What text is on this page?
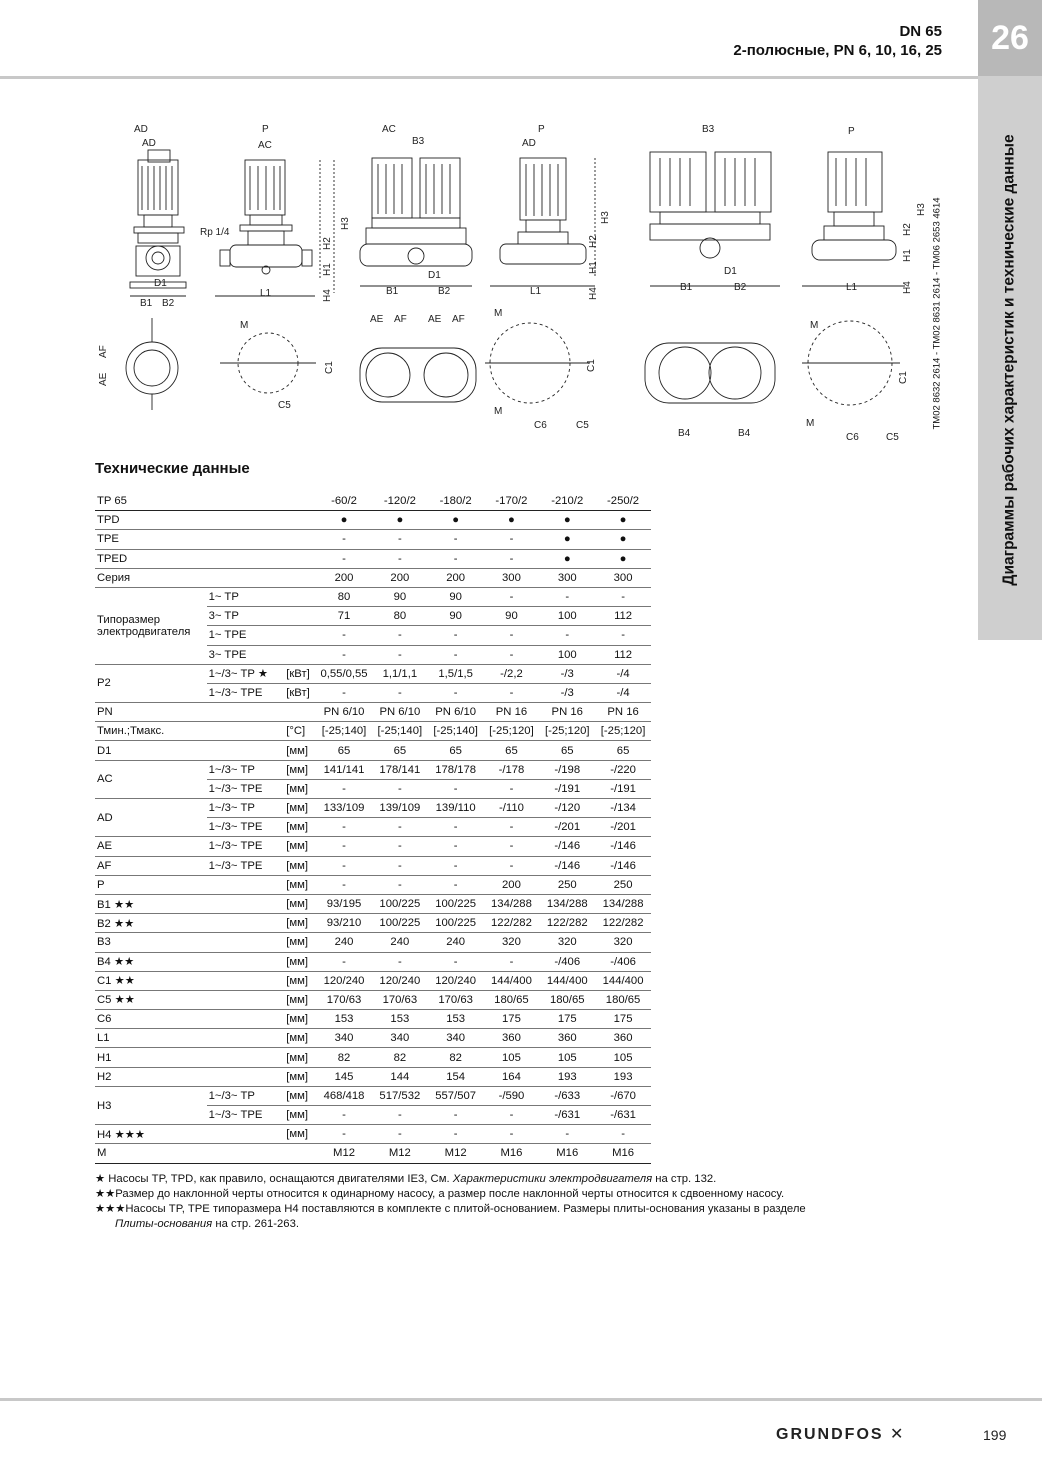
DN 65
2-полюсные, PN 6, 10, 16, 25	26
Диаграммы рабочих характеристик и технические данные
AD
AD
D1
B1 B2
P
AC
Rp 1/4
L1
AC
B3
D1
B1	B2
P
AD
L1
B3
D1
B1	B2
P
L1
M
C5
AE AF AE AF
M
M
C6	C5
B4	B4
M
M
C6	C5
H3
H2
H1
H4
H3
H2
H1
H4
H3
H2
H1
H4
AE
AF
C1	C1
C1 TM02 8632 2614 - TM02 8631 2614 - TM06 2653 4614
Технические данные
TP 65			-60/2	-120/2	-180/2	-170/2	-210/2	-250/2
TPD			●	●	●	●	●	●
TPE			-	-	-	-	●	●
TPED			-	-	-	-	●	●
Серия			200	200	200	300	300	300
Типоразмер электродвигателя	1~ TP		80	90	90	-	-	-
	3~ TP		71	80	90	90	100	112
	1~ TPE		-	-	-	-	-	-
	3~ TPE		-	-	-	-	100	112
P2	1~/3~ TP ★	[кВт]	0,55/0,55	1,1/1,1	1,5/1,5	-/2,2	-/3	-/4
	1~/3~ TPE	[кВт]	-	-	-	-	-/3	-/4
PN			PN 6/10	PN 6/10	PN 6/10	PN 16	PN 16	PN 16
Тмин.;Тмакс.		[°C]	[-25;140]	[-25;140]	[-25;140]	[-25;120]	[-25;120]	[-25;120]
D1		[мм]	65	65	65	65	65	65
AC	1~/3~ TP	[мм]	141/141	178/141	178/178	-/178	-/198	-/220
	1~/3~ TPE	[мм]	-	-	-	-	-/191	-/191
AD	1~/3~ TP	[мм]	133/109	139/109	139/110	-/110	-/120	-/134
	1~/3~ TPE	[мм]	-	-	-	-	-/201	-/201
AE	1~/3~ TPE	[мм]	-	-	-	-	-/146	-/146
AF	1~/3~ TPE	[мм]	-	-	-	-	-/146	-/146
P		[мм]	-	-	-	200	250	250
B1 ★★		[мм]	93/195	100/225	100/225	134/288	134/288	134/288
B2 ★★		[мм]	93/210	100/225	100/225	122/282	122/282	122/282
B3		[мм]	240	240	240	320	320	320
B4 ★★		[мм]	-	-	-	-	-/406	-/406
C1 ★★		[мм]	120/240	120/240	120/240	144/400	144/400	144/400
C5 ★★		[мм]	170/63	170/63	170/63	180/65	180/65	180/65
C6		[мм]	153	153	153	175	175	175
L1		[мм]	340	340	340	360	360	360
H1		[мм]	82	82	82	105	105	105
H2		[мм]	145	144	154	164	193	193
H3	1~/3~ TP	[мм]	468/418	517/532	557/507	-/590	-/633	-/670
	1~/3~ TPE	[мм]	-	-	-	-	-/631	-/631
H4 ★★★		[мм]	-	-	-	-	-	-
M			M12	M12	M12	M16	M16	M16
★ Насосы TP, TPD, как правило, оснащаются двигателями IE3, См. Характеристики электродвигателя на стр. 132.
★★Размер до наклонной черты относится к одинарному насосу, а размер после наклонной черты относится к сдвоенному насосу.
★★★Насосы TP, TPE типоразмера H4 поставляются в комплекте с плитой-основанием. Размеры плиты-основания указаны в разделе
Плиты-основания на стр. 261-263.
GRUNDFOS ✕	199
